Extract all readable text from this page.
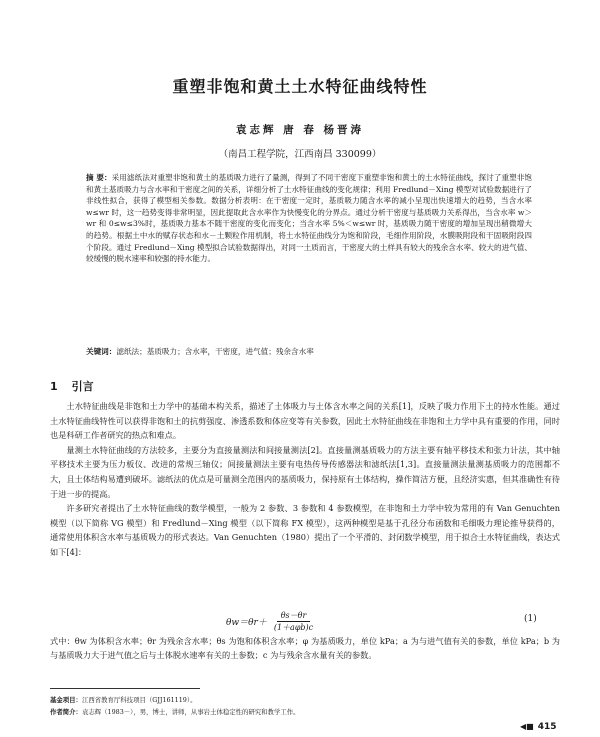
重塑非饱和黄土土水特征曲线特性
袁志辉 唐 春 杨晋涛
（南昌工程学院，江西南昌 330099）
摘 要：采用滤纸法对重塑非饱和黄土的基质吸力进行了量测，得到了不同干密度下重塑非饱和黄土的土水特征曲线，探讨了重塑非饱和黄土基质吸力与含水率和干密度之间的关系，详细分析了土水特征曲线的变化规律；利用 Fredlund－Xing 模型对试验数据进行了非线性拟合，获得了模型相关参数。数据分析表明：在干密度一定时，基质吸力随含水率的减小呈现出快速增大的趋势，当含水率 w≤wr 时，这一趋势变得非常明显，因此提取此含水率作为快慢变化的分界点。通过分析干密度与基质吸力关系得出，当含水率 w＞wr 和 0≤w≤3%时，基质吸力基本不随干密度的变化而变化；当含水率 5%＜w≤wr 时，基质吸力随干密度的增加呈现出稍微增大的趋势。根据土中水的赋存状态和水－土颗粒作用机制，将土水特征曲线分为饱和阶段，毛细作用阶段，水膜吸附段和干固吸附段四个阶段。通过 Fredlund－Xing 模型拟合试验数据得出，对同一土质而言，干密度大的土样具有较大的残余含水率、较大的进气值、较缓慢的脱水速率和较强的持水能力。
关键词：滤纸法；基质吸力；含水率，干密度，进气值；残余含水率
1 引言

土水特征曲线是非饱和土力学中的基础本构关系，描述了土体吸力与土体含水率之间的关系[1]，反映了吸力作用下土的持水性能。通过土水特征曲线特性可以获得非饱和土的抗剪强度、渗透系数和体应变等有关参数，因此土水特征曲线在非饱和土力学中具有重要的作用，同时也是科研工作者研究的热点和难点。

量测土水特征曲线的方法较多，主要分为直接量测法和间接量测法[2]。直接量测基质吸力的方法主要有轴平移技术和张力计法，其中轴平移技术主要为压力板仪、改进的常规三轴仪；间接量测法主要有电热传导传感器法和滤纸法[1,3]。直接量测法量测基质吸力的范围都不大，且土体结构易遭到破坏。滤纸法的优点是可量测全范围内的基质吸力，保持原有土体结构，操作简洁方便，且经济实惠，但其准确性有待于进一步的提高。

许多研究者提出了土水特征曲线的数学模型，一般为 2 参数、3 参数和 4 参数模型，在非饱和土力学中较为常用的有 Van Genuchten 模型（以下简称 VG 模型）和 Fredlund－Xing 模型（以下简称 FX 模型），这两种模型是基于孔径分布函数和毛细吸力理论推导获得的，通常使用体积含水率与基质吸力的形式表达。Van Genuchten（1980）提出了一个平滑的、封闭数学模型，用于拟合土水特征曲线，表达式如下[4]：

$\theta w=\theta r+ \frac{\theta s-\theta r}{\text{(1＋aφb)c}}$	(1)
式中：θw 为体积含水率；θr 为残余含水率；θs 为饱和体积含水率；φ 为基质吸力，单位 kPa；a 为与进气值有关的参数，单位 kPa；b 为与基质吸力大于进气值之后与土体脱水速率有关的土参数；c 为与残余含水量有关的参数。
基金项目：江西省教育厅科技项目（GJJ161119）。
作者简介：袁志辉（1983－），男，博士，讲师，从事岩土体稳定性的研究和教学工作。
◀■ 415
